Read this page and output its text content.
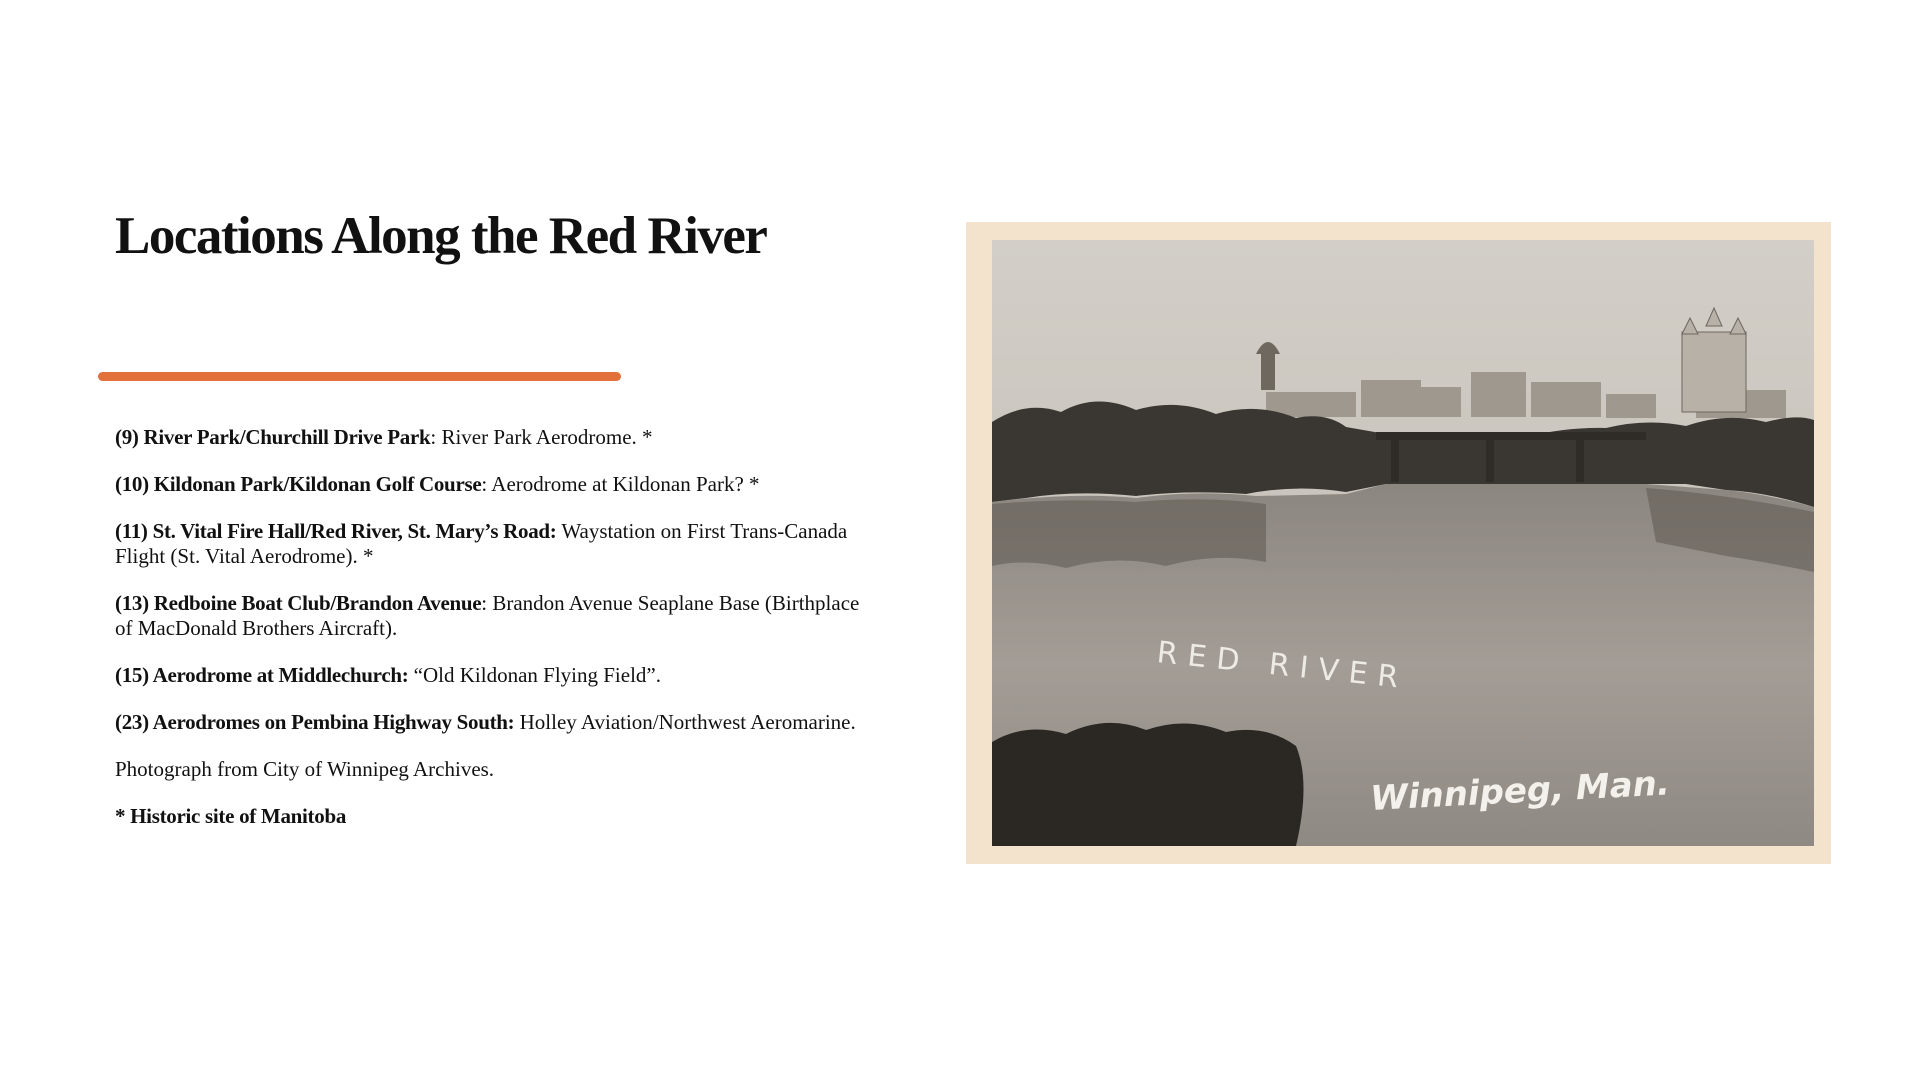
Locations Along the Red River

(9) River Park/Churchill Drive Park: River Park Aerodrome. *

(10) Kildonan Park/Kildonan Golf Course: Aerodrome at Kildonan Park? *

(11) St. Vital Fire Hall/Red River, St. Mary’s Road: Waystation on First Trans-Canada Flight (St. Vital Aerodrome). *

(13) Redboine Boat Club/Brandon Avenue: Brandon Avenue Seaplane Base (Birthplace of MacDonald Brothers Aircraft).

(15) Aerodrome at Middlechurch: “Old Kildonan Flying Field”.

(23) Aerodromes on Pembina Highway South: Holley Aviation/Northwest Aeromarine.

Photograph from City of Winnipeg Archives.

* Historic site of Manitoba

RED RIVER
Winnipeg, Man.
